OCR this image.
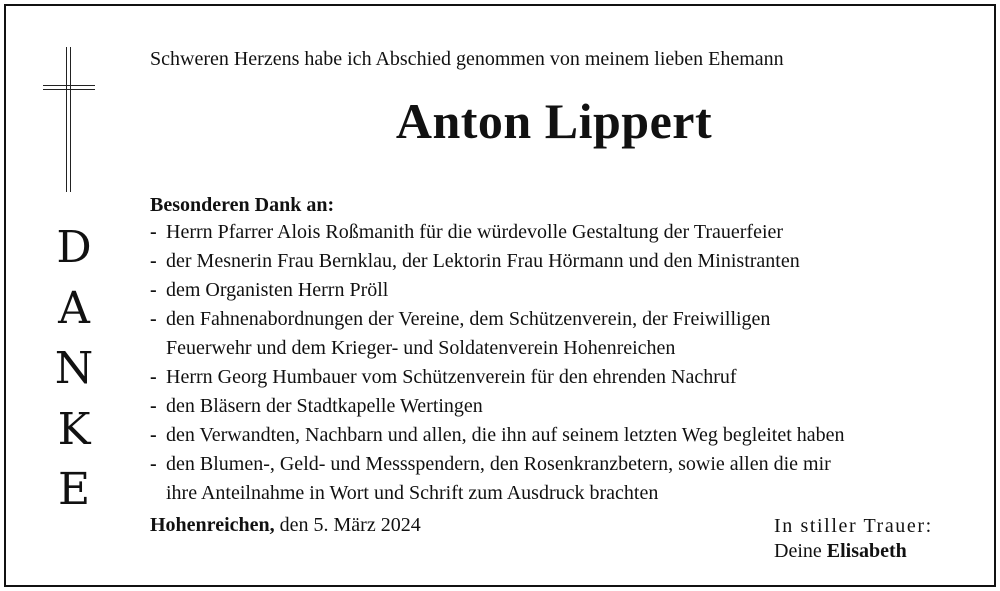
D
A
N
K
E
Schweren Herzens habe ich Abschied genommen von meinem lieben Ehemann
Anton Lippert
Besonderen Dank an:
- Herrn Pfarrer Alois Roßmanith für die würdevolle Gestaltung der Trauerfeier
- der Mesnerin Frau Bernklau, der Lektorin Frau Hörmann und den Ministranten
- dem Organisten Herrn Pröll
- den Fahnenabordnungen der Vereine, dem Schützenverein, der Freiwilligen
Feuerwehr und dem Krieger- und Soldatenverein Hohenreichen
- Herrn Georg Humbauer vom Schützenverein für den ehrenden Nachruf
- den Bläsern der Stadtkapelle Wertingen
- den Verwandten, Nachbarn und allen, die ihn auf seinem letzten Weg begleitet haben
- den Blumen-, Geld- und Messspendern, den Rosenkranzbetern, sowie allen die mir
ihre Anteilnahme in Wort und Schrift zum Ausdruck brachten
Hohenreichen, den 5. März 2024	In stiller Trauer:
Deine Elisabeth
